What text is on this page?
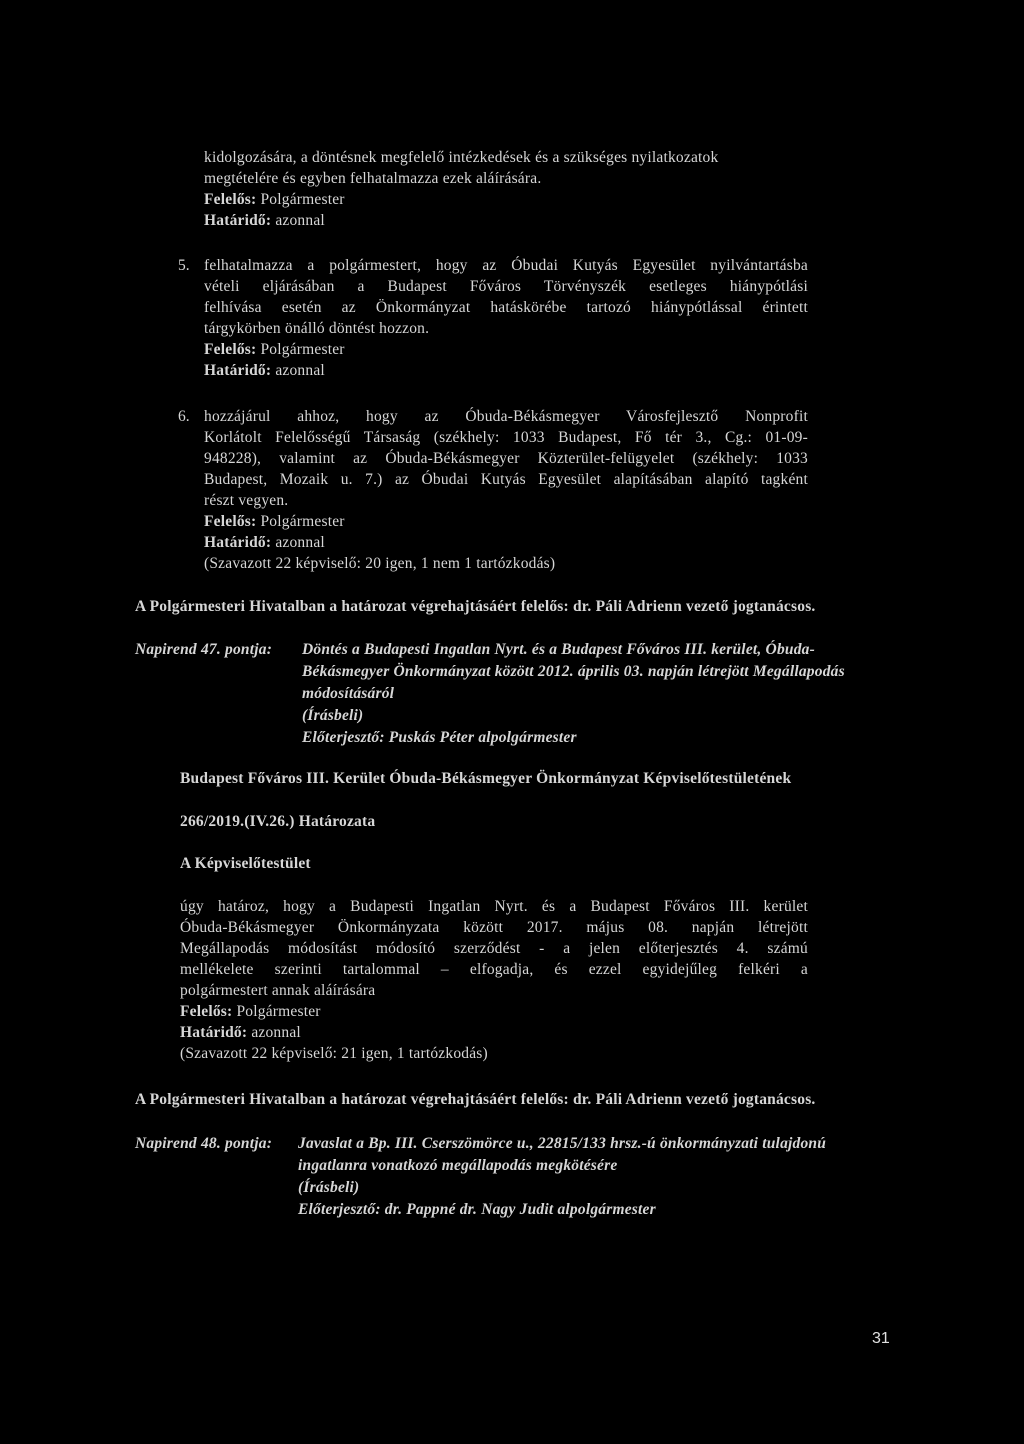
kidolgozására, a döntésnek megfelelő intézkedések és a szükséges nyilatkozatok
megtételére és egyben felhatalmazza ezek aláírására.
Felelős: Polgármester
Határidő: azonnal
5. felhatalmazza a polgármestert, hogy az Óbudai Kutyás Egyesület nyilvántartásba
vételi eljárásában a Budapest Főváros Törvényszék esetleges hiánypótlási
felhívása esetén az Önkormányzat hatáskörébe tartozó hiánypótlással érintett
tárgykörben önálló döntést hozzon.
Felelős: Polgármester
Határidő: azonnal
6. hozzájárul ahhoz, hogy az Óbuda-Békásmegyer Városfejlesztő Nonprofit
Korlátolt Felelősségű Társaság (székhely: 1033 Budapest, Fő tér 3., Cg.: 01-09-
948228), valamint az Óbuda-Békásmegyer Közterület-felügyelet (székhely: 1033
Budapest, Mozaik u. 7.) az Óbudai Kutyás Egyesület alapításában alapító tagként
részt vegyen.
Felelős: Polgármester
Határidő: azonnal
(Szavazott 22 képviselő: 20 igen, 1 nem 1 tartózkodás)
A Polgármesteri Hivatalban a határozat végrehajtásáért felelős: dr. Páli Adrienn vezető jogtanácsos.
Napirend 47. pontja: Döntés a Budapesti Ingatlan Nyrt. és a Budapest Főváros III. kerület, Óbuda-
Békásmegyer Önkormányzat között 2012. április 03. napján létrejött Megállapodás
módosításáról
(Írásbeli)
Előterjesztő: Puskás Péter alpolgármester
Budapest Főváros III. Kerület Óbuda-Békásmegyer Önkormányzat Képviselőtestületének
266/2019.(IV.26.) Határozata
A Képviselőtestület
úgy határoz, hogy a Budapesti Ingatlan Nyrt. és a Budapest Főváros III. kerület
Óbuda-Békásmegyer Önkormányzata között 2017. május 08. napján létrejött
Megállapodás módosítást módosító szerződést - a jelen előterjesztés 4. számú
mellékelete szerinti tartalommal – elfogadja, és ezzel egyidejűleg felkéri a
polgármestert annak aláírására
Felelős: Polgármester
Határidő: azonnal
(Szavazott 22 képviselő: 21 igen, 1 tartózkodás)
A Polgármesteri Hivatalban a határozat végrehajtásáért felelős: dr. Páli Adrienn vezető jogtanácsos.
Napirend 48. pontja: Javaslat a Bp. III. Cserszömörce u., 22815/133 hrsz.-ú önkormányzati tulajdonú
ingatlanra vonatkozó megállapodás megkötésére
(Írásbeli)
Előterjesztő: dr. Pappné dr. Nagy Judit alpolgármester
31
